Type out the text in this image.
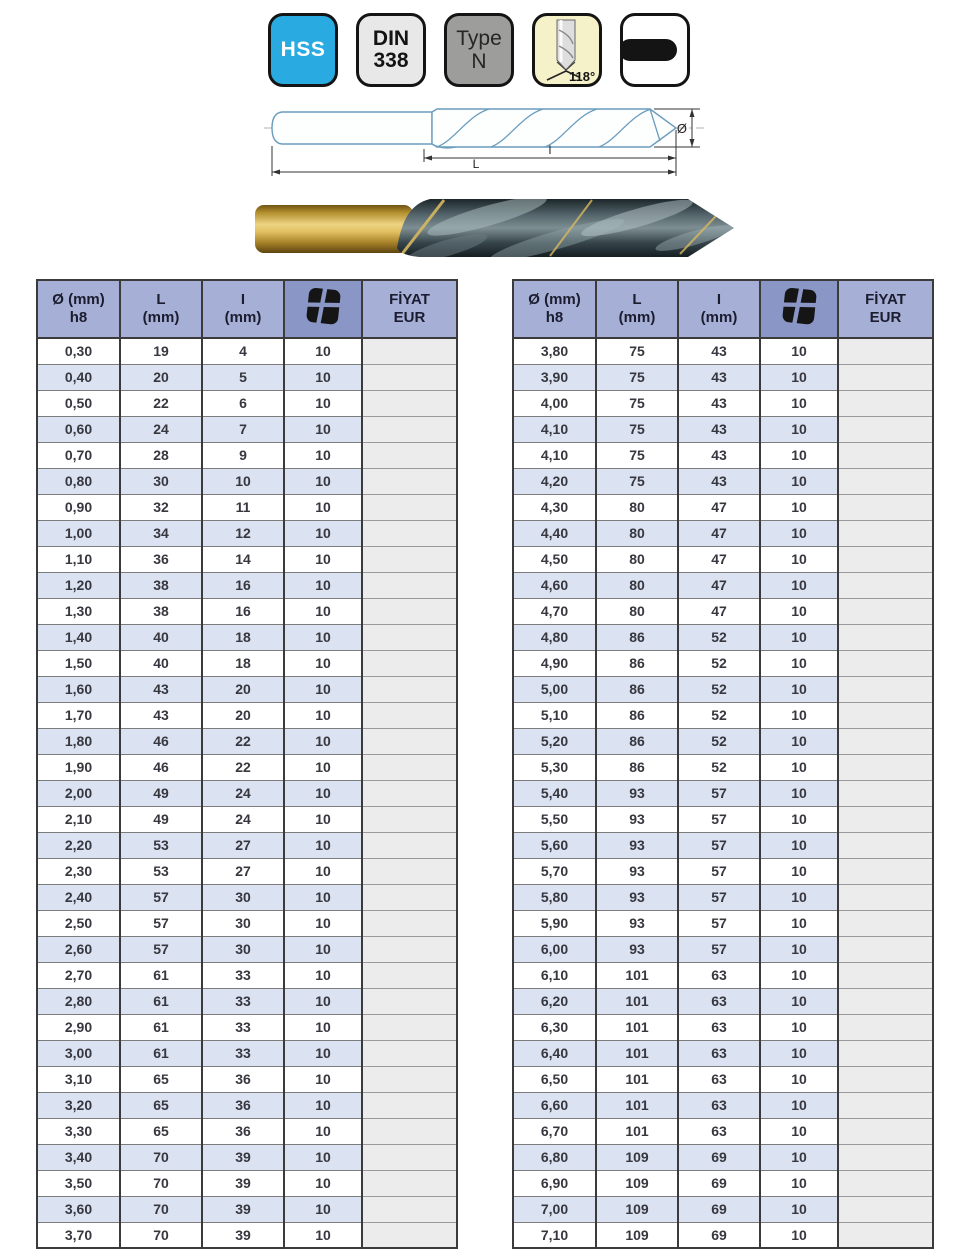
HSS DIN
338
Type
N
118°
Ø
l
L
Ø (mm)
h8

L
(mm)

I
(mm)

FİYAT
EUR

0,30	19	4	10	
0,40	20	5	10	
0,50	22	6	10	
0,60	24	7	10	
0,70	28	9	10	
0,80	30	10	10	
0,90	32	11	10	
1,00	34	12	10	
1,10	36	14	10	
1,20	38	16	10	
1,30	38	16	10	
1,40	40	18	10	
1,50	40	18	10	
1,60	43	20	10	
1,70	43	20	10	
1,80	46	22	10	
1,90	46	22	10	
2,00	49	24	10	
2,10	49	24	10	
2,20	53	27	10	
2,30	53	27	10	
2,40	57	30	10	
2,50	57	30	10	
2,60	57	30	10	
2,70	61	33	10	
2,80	61	33	10	
2,90	61	33	10	
3,00	61	33	10	
3,10	65	36	10	
3,20	65	36	10	
3,30	65	36	10	
3,40	70	39	10	
3,50	70	39	10	
3,60	70	39	10	
3,70	70	39	10	
Ø (mm)
h8

L
(mm)

I
(mm)

FİYAT
EUR

3,80	75	43	10	
3,90	75	43	10	
4,00	75	43	10	
4,10	75	43	10	
4,10	75	43	10	
4,20	75	43	10	
4,30	80	47	10	
4,40	80	47	10	
4,50	80	47	10	
4,60	80	47	10	
4,70	80	47	10	
4,80	86	52	10	
4,90	86	52	10	
5,00	86	52	10	
5,10	86	52	10	
5,20	86	52	10	
5,30	86	52	10	
5,40	93	57	10	
5,50	93	57	10	
5,60	93	57	10	
5,70	93	57	10	
5,80	93	57	10	
5,90	93	57	10	
6,00	93	57	10	
6,10	101	63	10	
6,20	101	63	10	
6,30	101	63	10	
6,40	101	63	10	
6,50	101	63	10	
6,60	101	63	10	
6,70	101	63	10	
6,80	109	69	10	
6,90	109	69	10	
7,00	109	69	10	
7,10	109	69	10	
